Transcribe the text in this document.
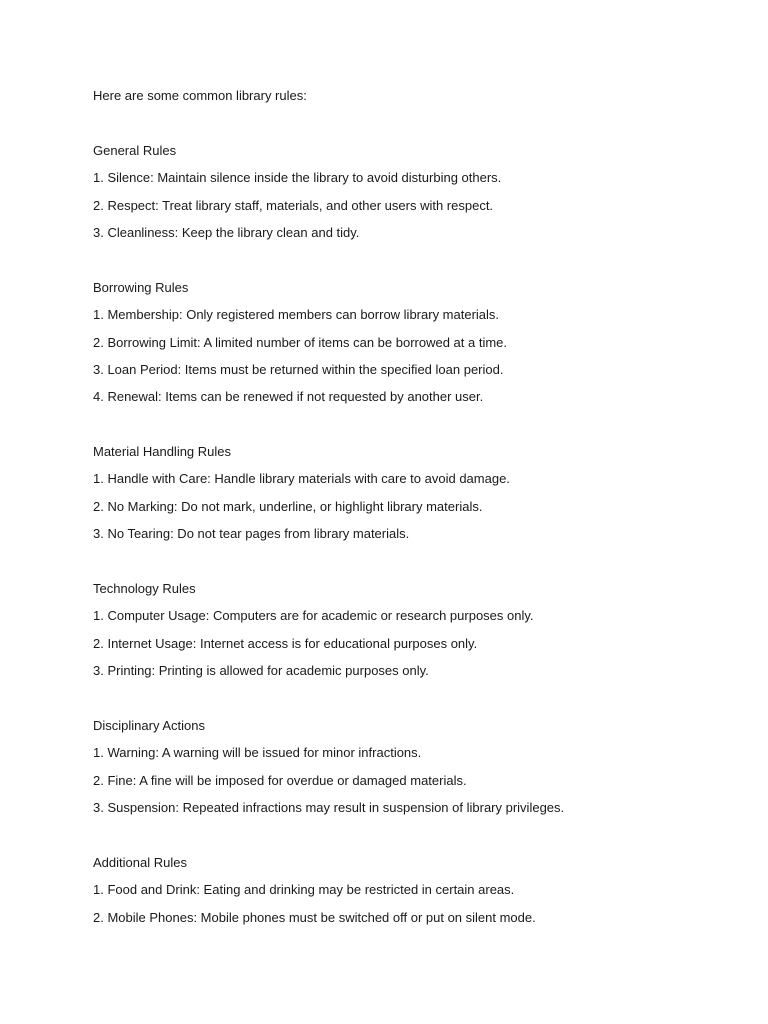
Here are some common library rules:
General Rules
1. Silence: Maintain silence inside the library to avoid disturbing others.
2. Respect: Treat library staff, materials, and other users with respect.
3. Cleanliness: Keep the library clean and tidy.
Borrowing Rules
1. Membership: Only registered members can borrow library materials.
2. Borrowing Limit: A limited number of items can be borrowed at a time.
3. Loan Period: Items must be returned within the specified loan period.
4. Renewal: Items can be renewed if not requested by another user.
Material Handling Rules
1. Handle with Care: Handle library materials with care to avoid damage.
2. No Marking: Do not mark, underline, or highlight library materials.
3. No Tearing: Do not tear pages from library materials.
Technology Rules
1. Computer Usage: Computers are for academic or research purposes only.
2. Internet Usage: Internet access is for educational purposes only.
3. Printing: Printing is allowed for academic purposes only.
Disciplinary Actions
1. Warning: A warning will be issued for minor infractions.
2. Fine: A fine will be imposed for overdue or damaged materials.
3. Suspension: Repeated infractions may result in suspension of library privileges.
Additional Rules
1. Food and Drink: Eating and drinking may be restricted in certain areas.
2. Mobile Phones: Mobile phones must be switched off or put on silent mode.
